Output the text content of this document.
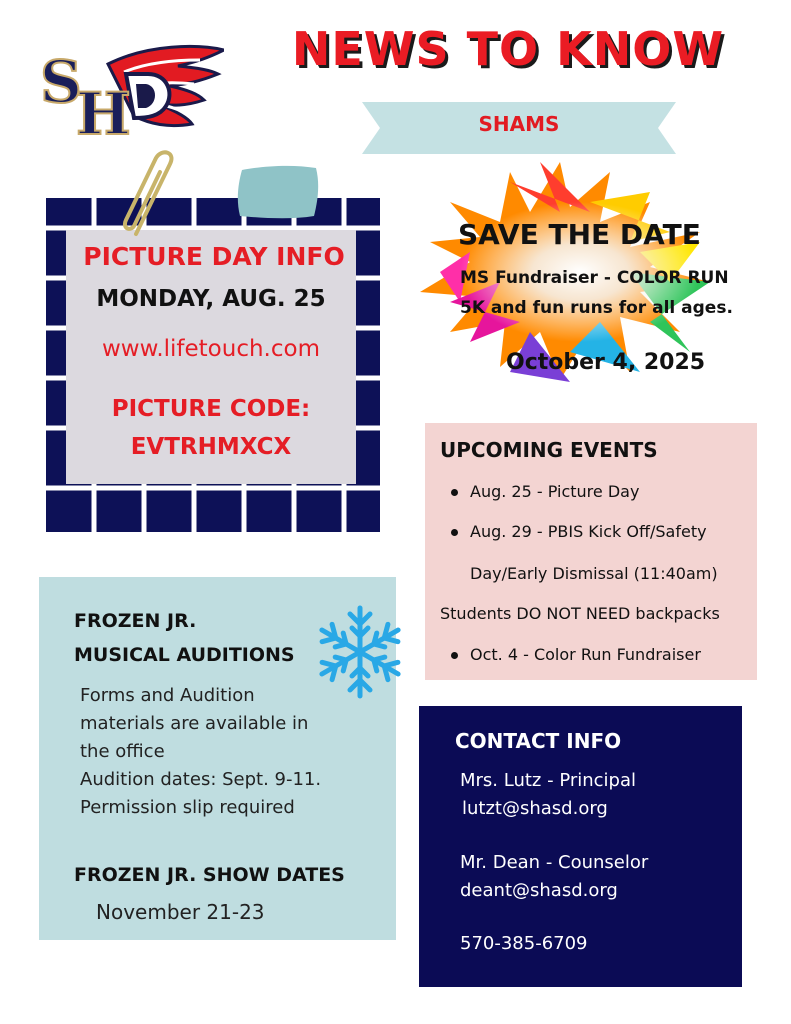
S
H
NEWS TO KNOW
SHAMS
PICTURE DAY INFO
MONDAY, AUG. 25
www.lifetouch.com
PICTURE CODE:
EVTRHMXCX
SAVE THE DATE
MS Fundraiser - COLOR RUN
5K and fun runs for all ages.
October 4, 2025
UPCOMING EVENTS
Aug. 25 - Picture Day
Aug. 29 - PBIS Kick Off/Safety
Day/Early Dismissal (11:40am)
Students DO NOT NEED backpacks
Oct. 4 - Color Run Fundraiser
FROZEN JR.
MUSICAL AUDITIONS
Forms and Audition
materials are available in
the office
Audition dates: Sept. 9-11.
Permission slip required
FROZEN JR. SHOW DATES
November 21-23
CONTACT INFO
Mrs. Lutz - Principal
lutzt@shasd.org
Mr. Dean - Counselor
deant@shasd.org
570-385-6709
